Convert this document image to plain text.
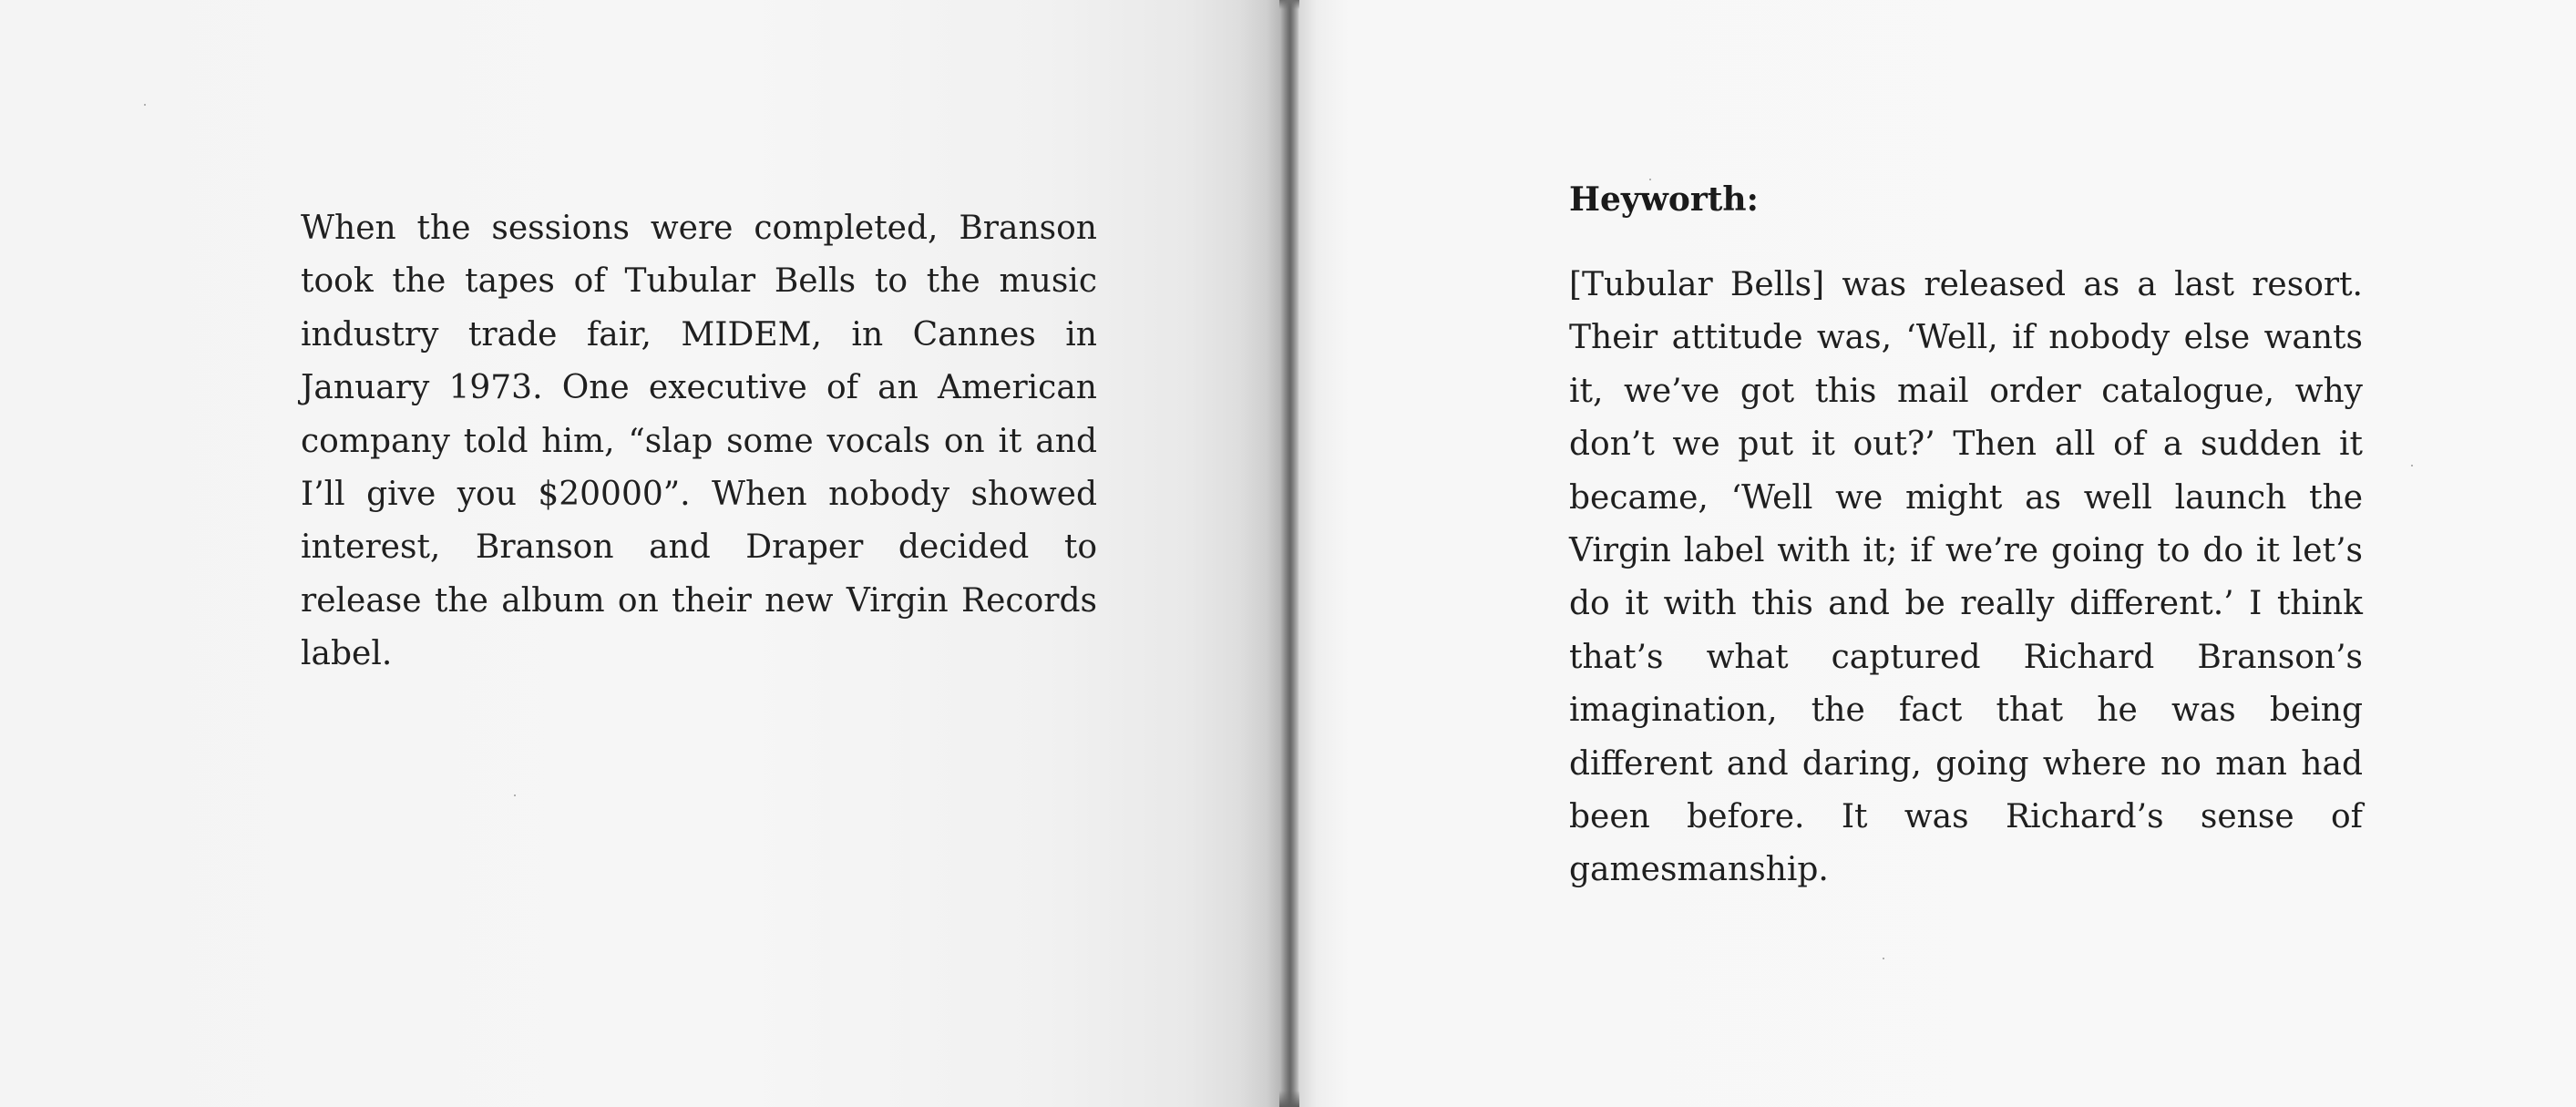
When the sessions were completed, Branson took the tapes of Tubular Bells to the music industry trade fair, MIDEM, in Cannes in January 1973. One executive of an American company told him, “slap some vocals on it and I’ll give you $20000”. When nobody showed interest, Branson and Draper decided to release the album on their new Virgin Records label.

Heyworth:

[Tubular Bells] was released as a last resort. Their attitude was, ‘Well, if nobody else wants it, we’ve got this mail order catalogue, why don’t we put it out?’ Then all of a sudden it became, ‘Well we might as well launch the Virgin label with it; if we’re going to do it let’s do it with this and be really different.’ I think that’s what captured Richard Branson’s imagination, the fact that he was being different and daring, going where no man had been before. It was Richard’s sense of gamesmanship.
